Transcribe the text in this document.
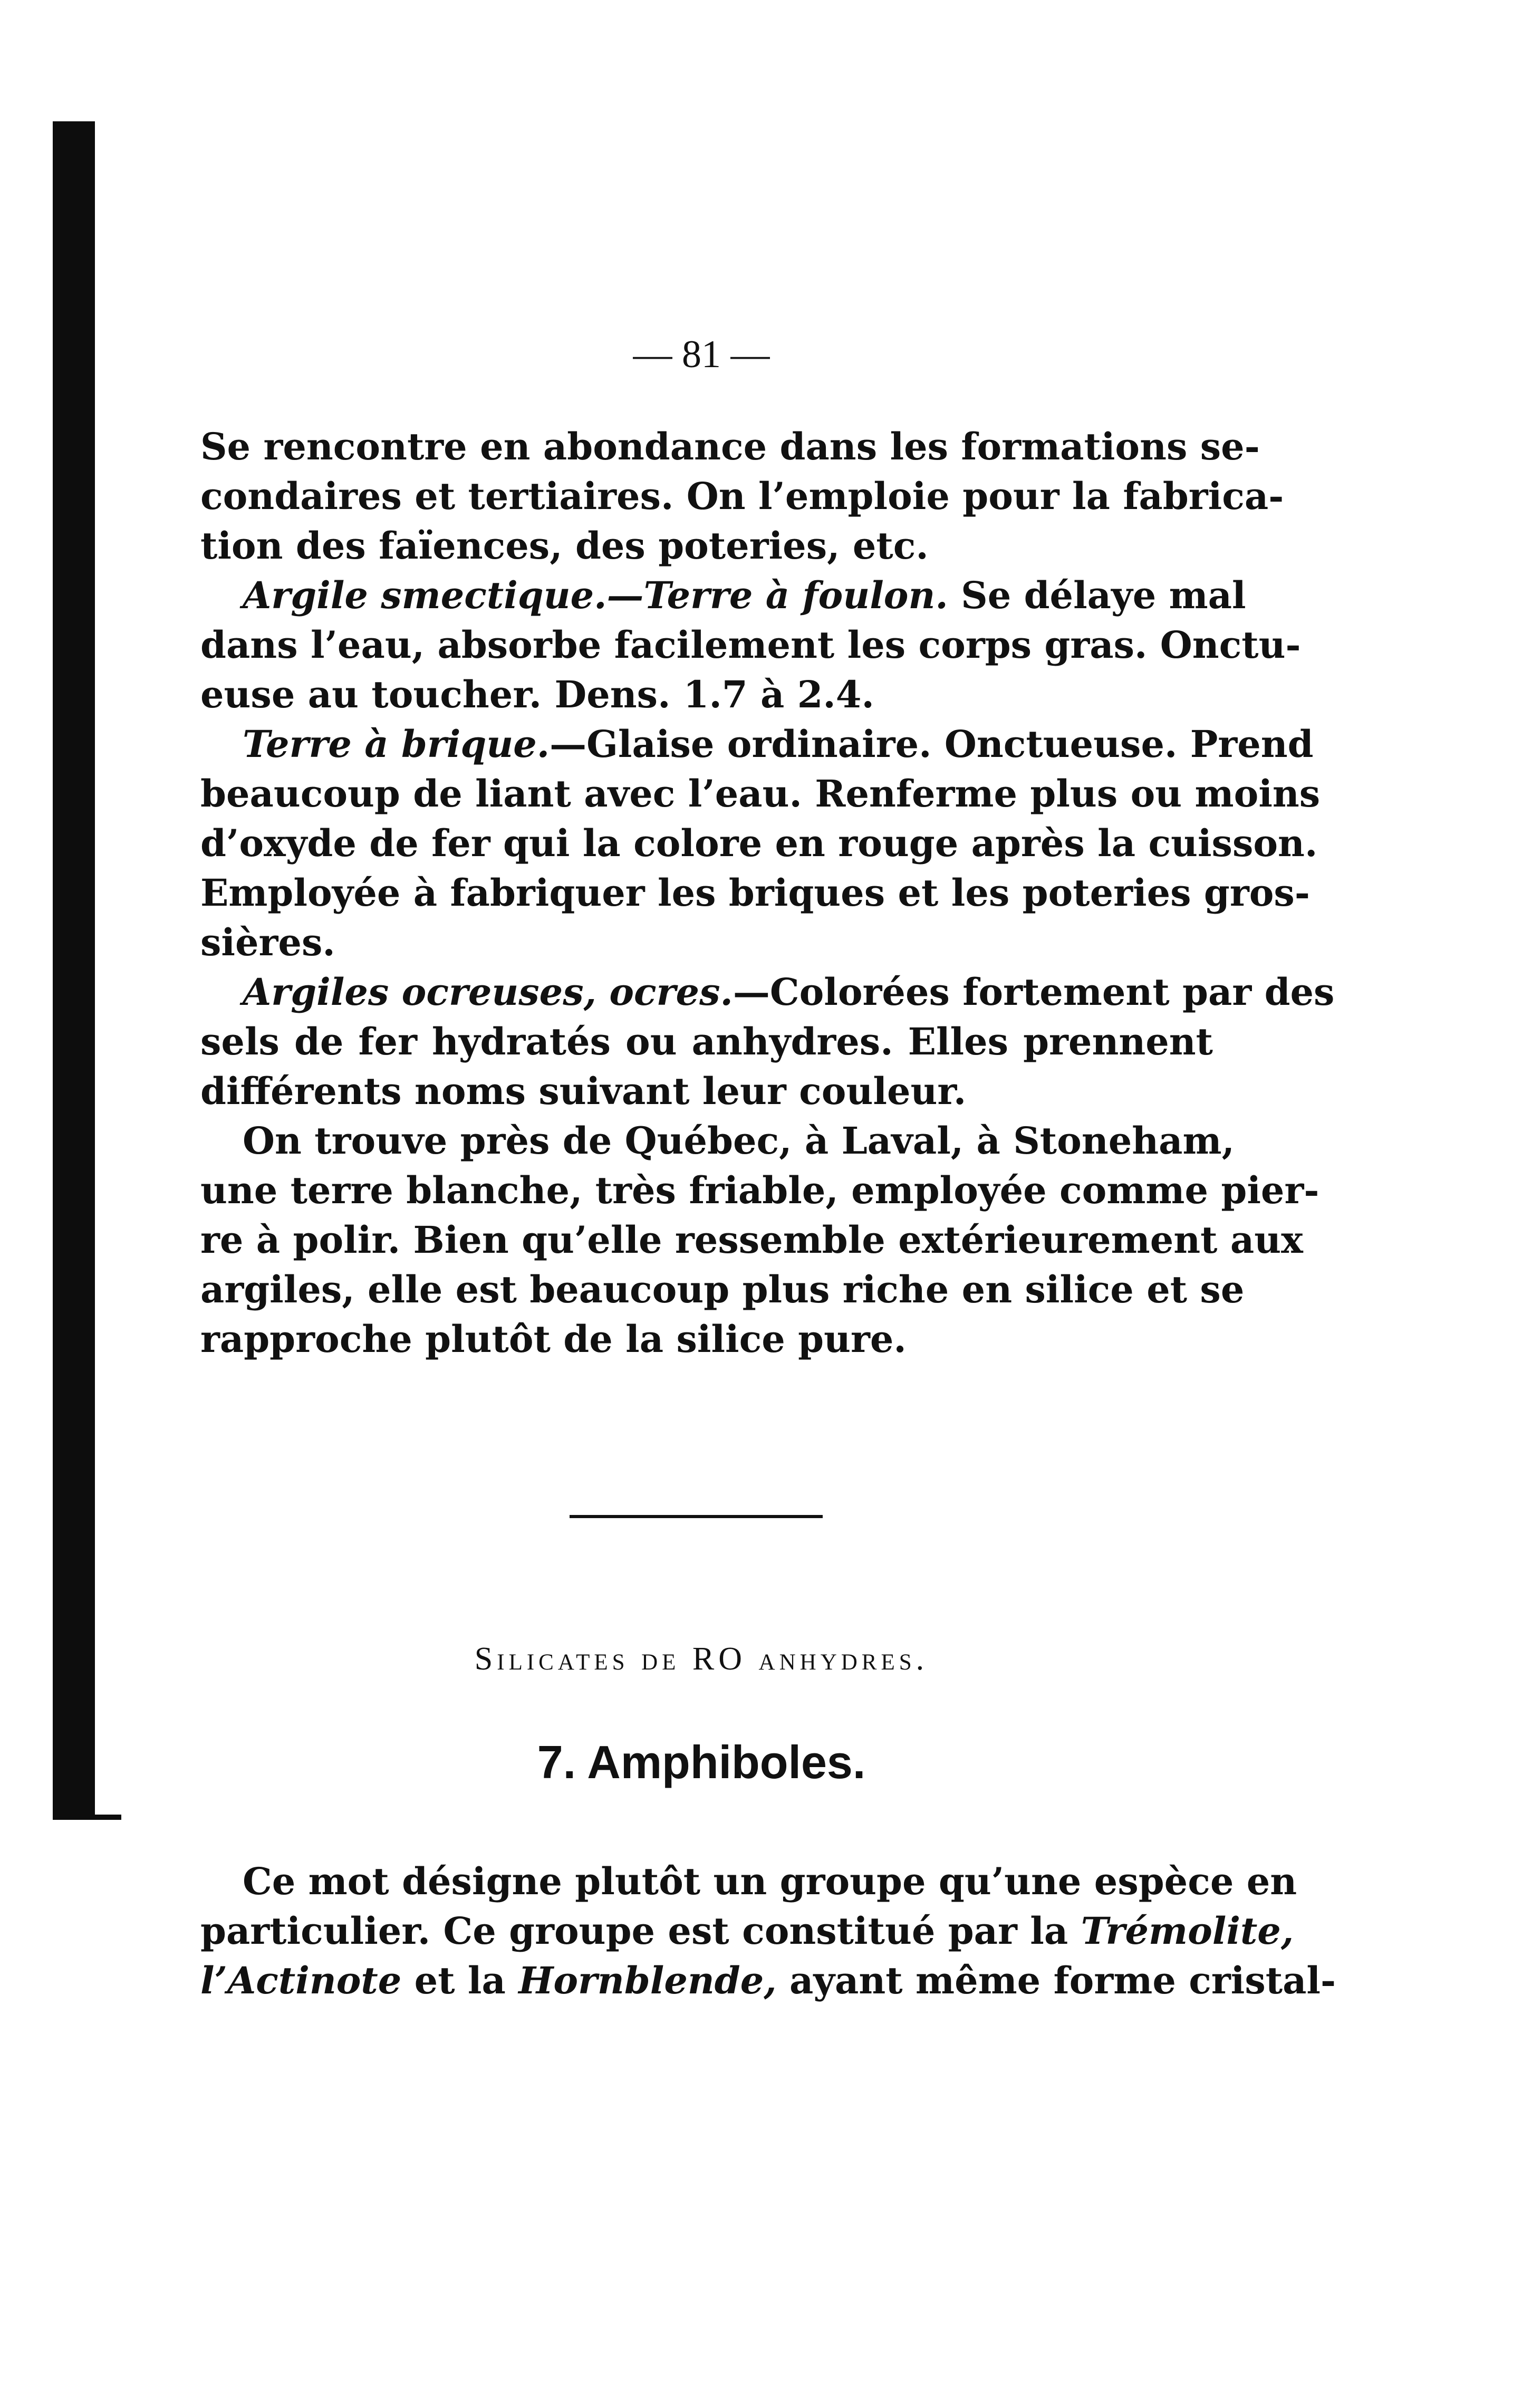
— 81 —

Se rencontre en abondance dans les formations se-
condaires et tertiaires. On l’emploie pour la fabrica-
tion des faïences, des poteries, etc.

Argile smectique.—Terre à foulon. Se délaye mal
dans l’eau, absorbe facilement les corps gras. Onctu-
euse au toucher. Dens. 1.7 à 2.4.

Terre à brique.—Glaise ordinaire. Onctueuse. Prend
beaucoup de liant avec l’eau. Renferme plus ou moins
d’oxyde de fer qui la colore en rouge après la cuisson.
Employée à fabriquer les briques et les poteries gros-
sières.

Argiles ocreuses, ocres.—Colorées fortement par des
sels de fer hydratés ou anhydres. Elles prennent
différents noms suivant leur couleur.

On trouve près de Québec, à Laval, à Stoneham,
une terre blanche, très friable, employée comme pier-
re à polir. Bien qu’elle ressemble extérieurement aux
argiles, elle est beaucoup plus riche en silice et se
rapproche plutôt de la silice pure.

Silicates de RO anhydres.
7. Amphiboles.

Ce mot désigne plutôt un groupe qu’une espèce en
particulier. Ce groupe est constitué par la Trémolite,
l’Actinote et la Hornblende, ayant même forme cristal-
